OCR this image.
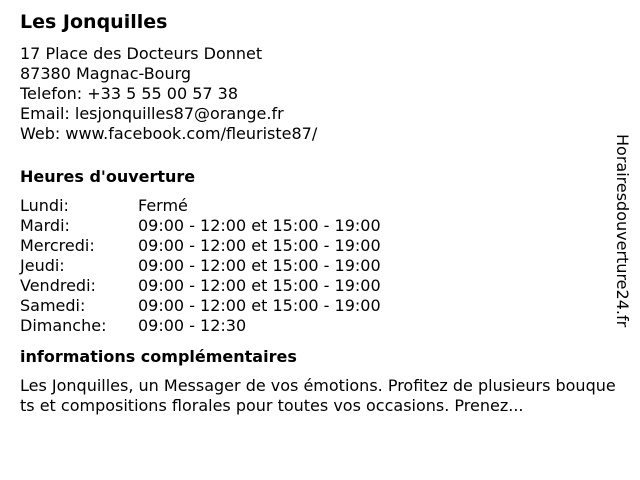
Les Jonquilles
17 Place des Docteurs Donnet
87380 Magnac-Bourg
Telefon: +33 5 55 00 57 38
Email: lesjonquilles87@orange.fr
Web: www.facebook.com/fleuriste87/
Heures d'ouverture
Lundi:	Fermé
Mardi:	09:00 - 12:00 et 15:00 - 19:00
Mercredi:	09:00 - 12:00 et 15:00 - 19:00
Jeudi:	09:00 - 12:00 et 15:00 - 19:00
Vendredi:	09:00 - 12:00 et 15:00 - 19:00
Samedi:	09:00 - 12:00 et 15:00 - 19:00
Dimanche:	09:00 - 12:30
informations complémentaires
Les Jonquilles, un Messager de vos émotions. Profitez de plusieurs bouquets et compositions florales pour toutes vos occasions. Prenez...
Horairesdouverture24.fr
